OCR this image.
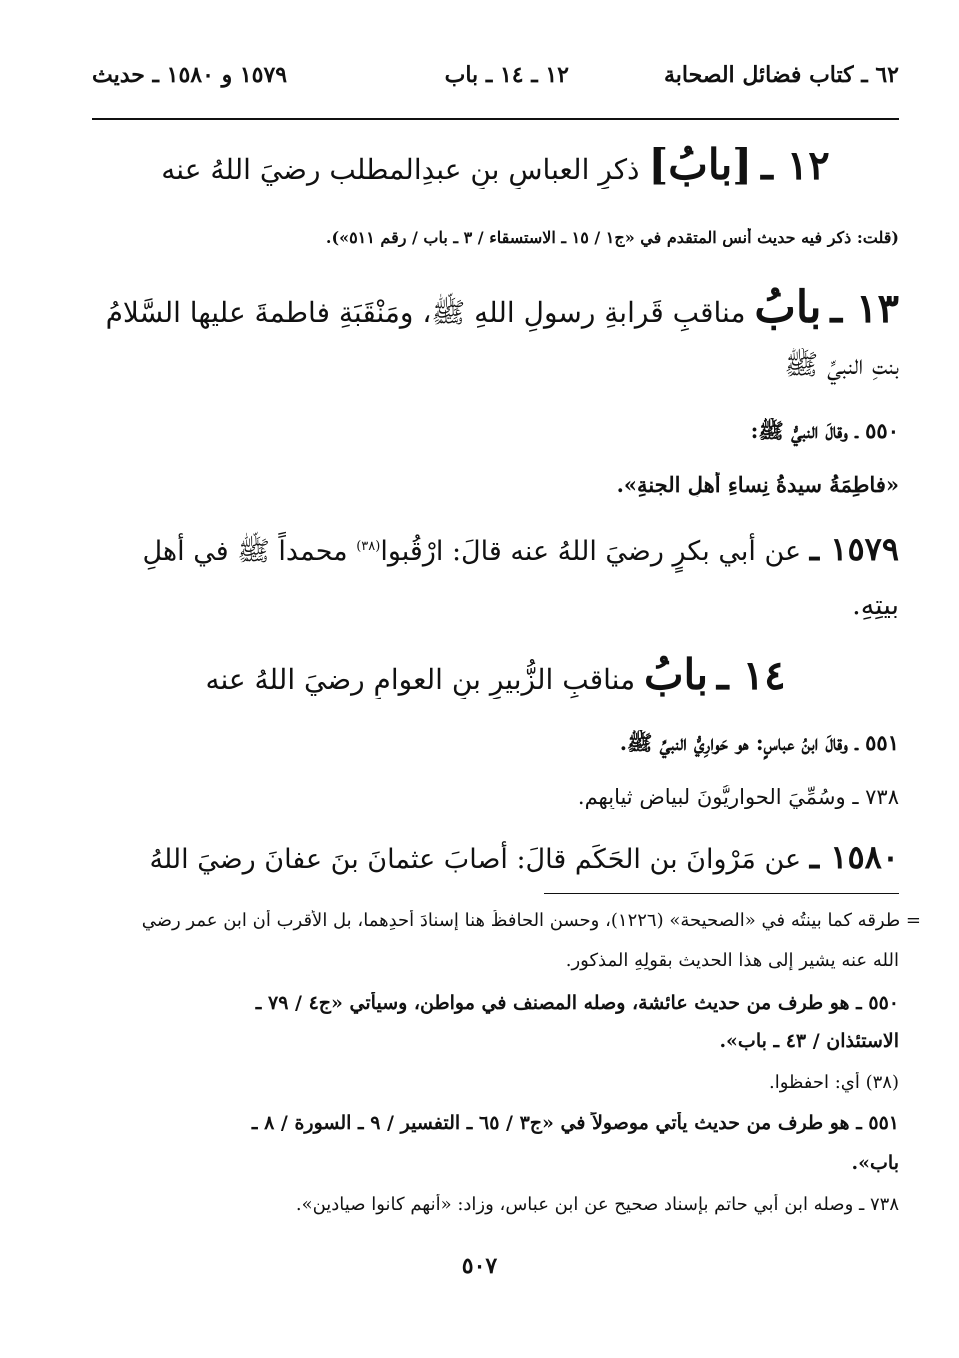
٦٢ ـ كتاب فضائل الصحابة
١٢ ـ ١٤ ـ باب
١٥٧٩ و ١٥٨٠ ـ حديث
١٢ ـ [بابُ] ذكرِ العباسِ بنِ عبدِالمطلب رضيَ اللهُ عنه
(قلت: ذكر فيه حديث أنس المتقدم في «ج١ / ١٥ ـ الاستسقاء / ٣ ـ باب / رقم ٥١١»).
١٣ ـ بابُ مناقبِ قَرابةِ رسولِ اللهِ ﷺ، ومَنْقَبَةِ فاطمةَ عليها السَّلامُ
بنتِ النبيِّ ﷺ
٥٥٠ ـ وقالَ النبيُّ ﷺ:
«فاطِمَةُ سيدةُ نِساءِ أهلِ الجنةِ».
١٥٧٩ ـ عن أبي بكرٍ رضيَ اللهُ عنه قالَ: ارْقُبوا$^{(٣٨)}$ محمداً ﷺ في أهلِ
بيتِهِ.
١٤ ـ بابُ مناقبِ الزُّبيرِ بنِ العوامِ رضيَ اللهُ عنه
٥٥١ ـ وقالَ ابنُ عباسٍ: هو حَوارِيُّ النبيِّ ﷺ.
٧٣٨ ـ وسُمِّيَ الحوارِيُّونَ لبياضِ ثيابِهِم.
١٥٨٠ ـ عن مَرْوانَ بنِ الحَكَمِ قالَ: أصابَ عثمانَ بنَ عفانَ رضيَ اللهُ
= طرقه كما بينتُه في «الصحيحة» (١٢٢٦)، وحسن الحافظُ هنا إسنادَ أحدِهما، بل الأقرب أن ابن عمر رضي
الله عنه يشير إلى هذا الحديث بقولِهِ المذكور.
٥٥٠ ـ هو طرف من حديث عائشة، وصله المصنف في مواطن، وسيأتي «ج٤ / ٧٩ ـ
الاستئذان / ٤٣ ـ باب».
(٣٨) أي: احفظوا.
٥٥١ ـ هو طرف من حديث يأتي موصولاً في «ج٣ / ٦٥ ـ التفسير / ٩ ـ السورة / ٨ ـ
باب».
٧٣٨ ـ وصله ابن أبي حاتم بإسناد صحيح عن ابن عباس، وزاد: «أنهم كانوا صيادين».
٥٠٧
